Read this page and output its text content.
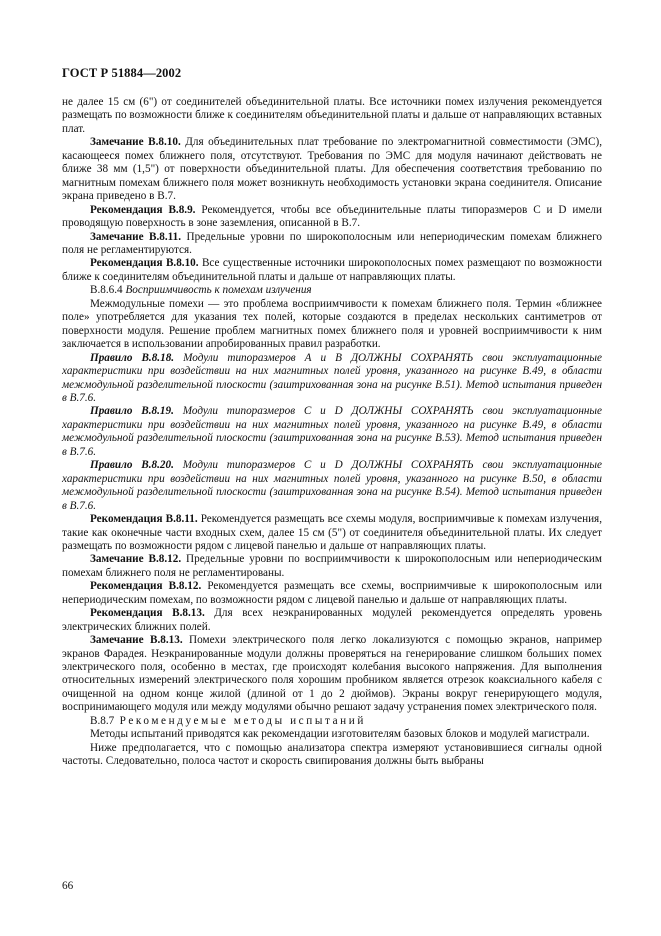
ГОСТ Р 51884—2002

не далее 15 см (6") от соединителей объединительной платы. Все источники помех излучения рекомендуется размещать по возможности ближе к соединителям объединительной платы и дальше от направляющих вставных плат.

Замечание В.8.10. Для объединительных плат требование по электромагнитной совместимости (ЭМС), касающееся помех ближнего поля, отсутствуют. Требования по ЭМС для модуля начинают действовать не ближе 38 мм (1,5") от поверхности объединительной платы. Для обеспечения соответствия требованию по магнитным помехам ближнего поля может возникнуть необходимость установки экрана соединителя. Описание экрана приведено в В.7.

Рекомендация В.8.9. Рекомендуется, чтобы все объединительные платы типоразмеров С и D имели проводящую поверхность в зоне заземления, описанной в В.7.

Замечание В.8.11. Предельные уровни по широкополосным или непериодическим помехам ближнего поля не регламентируются.

Рекомендация В.8.10. Все существенные источники широкополосных помех размещают по возможности ближе к соединителям объединительной платы и дальше от направляющих платы.

В.8.6.4 Восприимчивость к помехам излучения

Межмодульные помехи — это проблема восприимчивости к помехам ближнего поля. Термин «ближнее поле» употребляется для указания тех полей, которые создаются в пределах нескольких сантиметров от поверхности модуля. Решение проблем магнитных помех ближнего поля и уровней восприимчивости к ним заключается в использовании апробированных правил разработки.

Правило В.8.18. Модули типоразмеров А и В ДОЛЖНЫ СОХРАНЯТЬ свои эксплуатационные характеристики при воздействии на них магнитных полей уровня, указанного на рисунке В.49, в области межмодульной разделительной плоскости (заштрихованная зона на рисунке В.51). Метод испытания приведен в В.7.6.

Правило В.8.19. Модули типоразмеров С и D ДОЛЖНЫ СОХРАНЯТЬ свои эксплуатационные характеристики при воздействии на них магнитных полей уровня, указанного на рисунке В.49, в области межмодульной разделительной плоскости (заштрихованная зона на рисунке В.53). Метод испытания приведен в В.7.6.

Правило В.8.20. Модули типоразмеров С и D ДОЛЖНЫ СОХРАНЯТЬ свои эксплуатационные характеристики при воздействии на них магнитных полей уровня, указанного на рисунке В.50, в области межмодульной разделительной плоскости (заштрихованная зона на рисунке В.54). Метод испытания приведен в В.7.6.

Рекомендация В.8.11. Рекомендуется размещать все схемы модуля, восприимчивые к помехам излучения, такие как оконечные части входных схем, далее 15 см (5") от соединителя объединительной платы. Их следует размещать по возможности рядом с лицевой панелью и дальше от направляющих платы.

Замечание В.8.12. Предельные уровни по восприимчивости к широкополосным или непериодическим помехам ближнего поля не регламентированы.

Рекомендация В.8.12. Рекомендуется размещать все схемы, восприимчивые к широкополосным или непериодическим помехам, по возможности рядом с лицевой панелью и дальше от направляющих платы.

Рекомендация В.8.13. Для всех неэкранированных модулей рекомендуется определять уровень электрических ближних полей.

Замечание В.8.13. Помехи электрического поля легко локализуются с помощью экранов, например экранов Фарадея. Неэкранированные модули должны проверяться на генерирование слишком больших помех электрического поля, особенно в местах, где происходят колебания высокого напряжения. Для выполнения относительных измерений электрического поля хорошим пробником является отрезок коаксиального кабеля с очищенной на одном конце жилой (длиной от 1 до 2 дюймов). Экраны вокруг генерирующего модуля, воспринимающего модуля или между модулями обычно решают задачу устранения помех электрического поля.

В.8.7 Рекомендуемые методы испытаний

Методы испытаний приводятся как рекомендации изготовителям базовых блоков и модулей магистрали.

Ниже предполагается, что с помощью анализатора спектра измеряют установившиеся сигналы одной частоты. Следовательно, полоса частот и скорость свипирования должны быть выбраны

66
